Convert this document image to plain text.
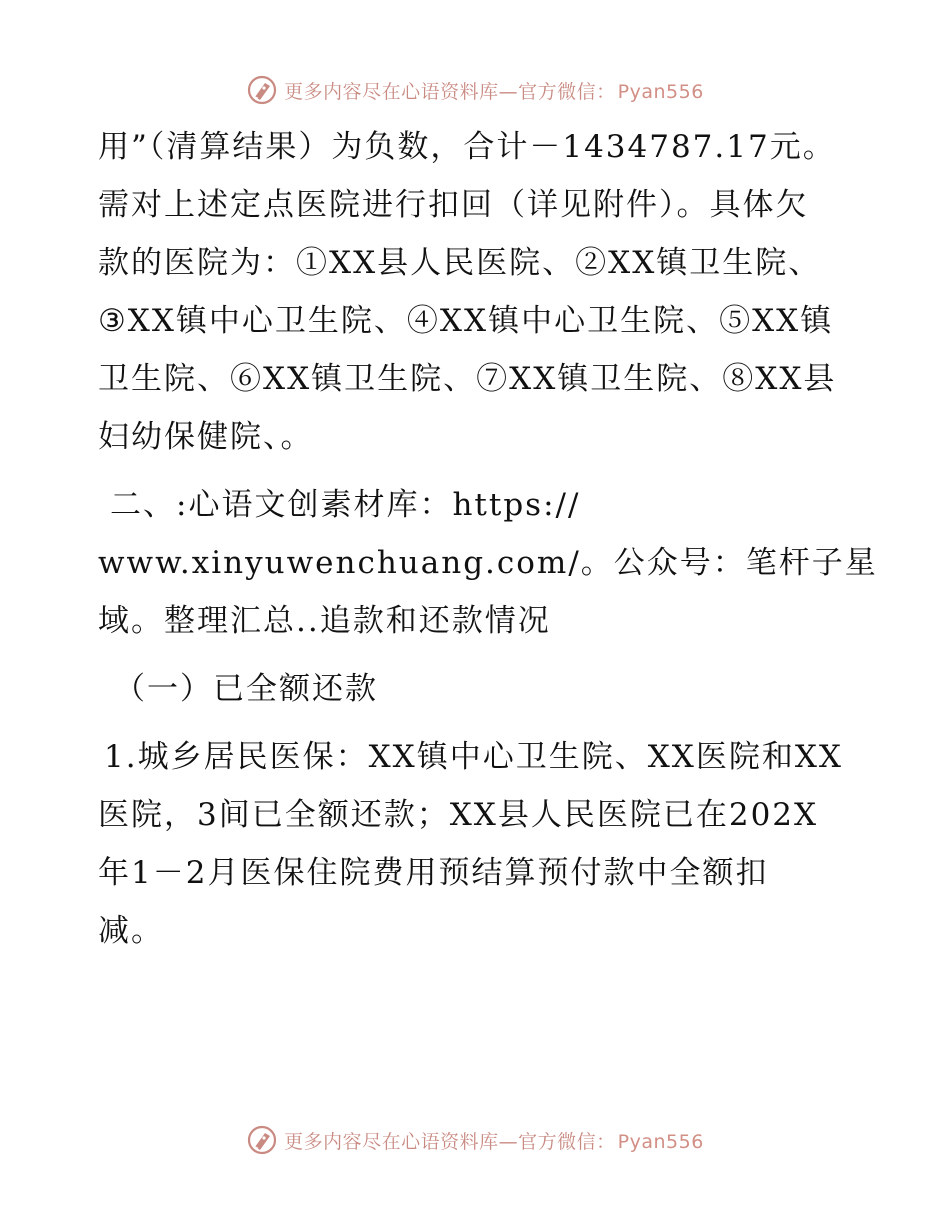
更多内容尽在心语资料库—官方微信： Pyan556
用”（清算结果）为负数，合计－1434787.17元。
需对上述定点医院进行扣回（详见附件）。具体欠
款的医院为：①XX县人民医院、②XX镇卫生院、
③XX镇中心卫生院、④XX镇中心卫生院、⑤XX镇
卫生院、⑥XX镇卫生院、⑦XX镇卫生院、⑧XX县
妇幼保健院、。
二、:心语文创素材库：https://
www.xinyuwenchuang.com/。公众号：笔杆子星
域。整理汇总..追款和还款情况
（一）已全额还款
1.城乡居民医保：XX镇中心卫生院、XX医院和XX
医院，3间已全额还款；XX县人民医院已在202X
年1－2月医保住院费用预结算预付款中全额扣
减。
更多内容尽在心语资料库—官方微信： Pyan556
